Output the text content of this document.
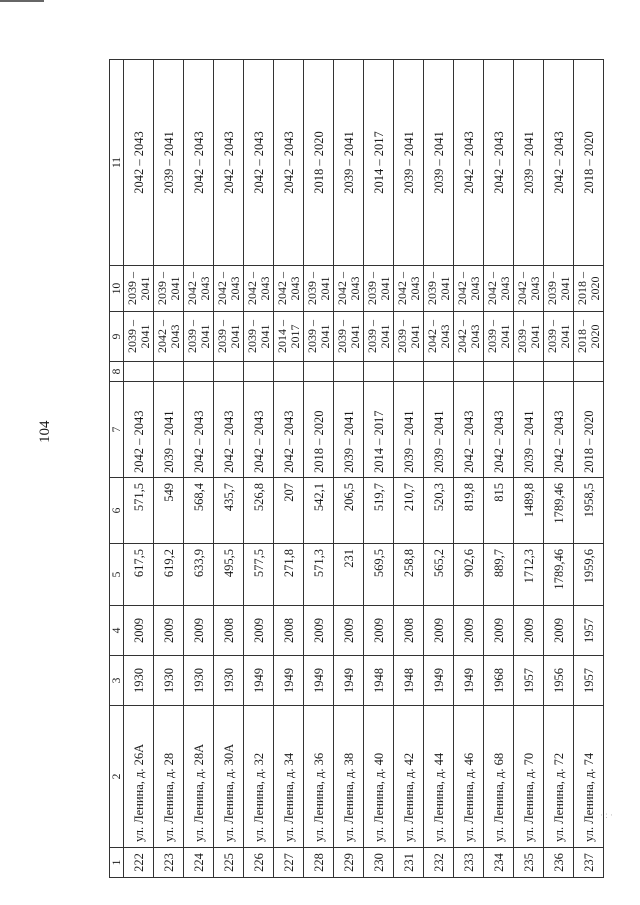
104
1	2	3	4	5	6	7	8	9	10	11
222	ул. Ленина, д. 26А	1930	2009	617,5	571,5	2042 – 2043		2039 – 2041	2039 – 2041	2042 – 2043
223	ул. Ленина, д. 28	1930	2009	619,2	549	2039 – 2041		2042 – 2043	2039 – 2041	2039 – 2041
224	ул. Ленина, д. 28А	1930	2009	633,9	568,4	2042 – 2043		2039 – 2041	2042 – 2043	2042 – 2043
225	ул. Ленина, д. 30А	1930	2008	495,5	435,7	2042 – 2043		2039 – 2041	2042 – 2043	2042 – 2043
226	ул. Ленина, д. 32	1949	2009	577,5	526,8	2042 – 2043		2039 – 2041	2042 – 2043	2042 – 2043
227	ул. Ленина, д. 34	1949	2008	271,8	207	2042 – 2043		2014 – 2017	2042 – 2043	2042 – 2043
228	ул. Ленина, д. 36	1949	2009	571,3	542,1	2018 – 2020		2039 – 2041	2039 – 2041	2018 – 2020
229	ул. Ленина, д. 38	1949	2009	231	206,5	2039 – 2041		2039 – 2041	2042 – 2043	2039 – 2041
230	ул. Ленина, д. 40	1948	2009	569,5	519,7	2014 – 2017		2039 – 2041	2039 – 2041	2014 – 2017
231	ул. Ленина, д. 42	1948	2008	258,8	210,7	2039 – 2041		2039 – 2041	2042 – 2043	2039 – 2041
232	ул. Ленина, д. 44	1949	2009	565,2	520,3	2039 – 2041		2042 – 2043	2039 – 2041	2039 – 2041
233	ул. Ленина, д. 46	1949	2009	902,6	819,8	2042 – 2043		2042 – 2043	2042 – 2043	2042 – 2043
234	ул. Ленина, д. 68	1968	2009	889,7	815	2042 – 2043		2039 – 2041	2042 – 2043	2042 – 2043
235	ул. Ленина, д. 70	1957	2009	1712,3	1489,8	2039 – 2041		2039 – 2041	2042 – 2043	2039 – 2041
236	ул. Ленина, д. 72	1956	2009	1789,46	1789,46	2042 – 2043		2039 – 2041	2039 – 2041	2042 – 2043
237	ул. Ленина, д. 74	1957	1957	1959,6	1958,5	2018 – 2020		2018 – 2020	2018 – 2020	2018 – 2020
· : ·
